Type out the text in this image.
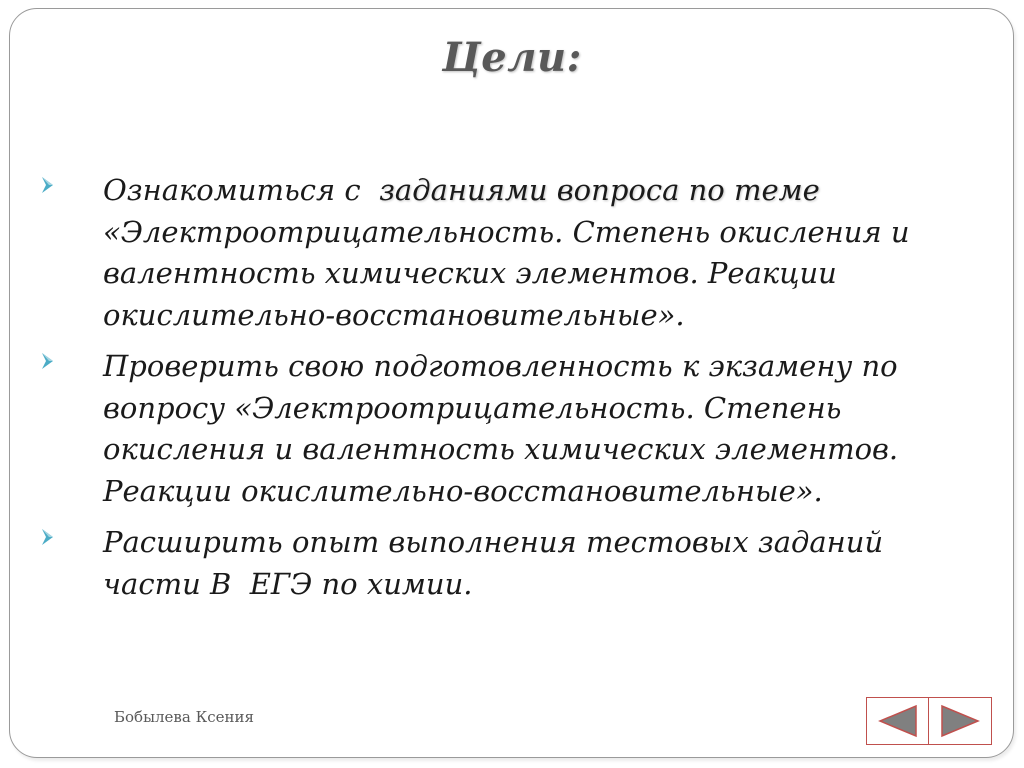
Цели:
Ознакомиться с  заданиями вопроса по теме
«Электроотрицательность. Степень окисления и валентность химических элементов. Реакции окислительно-восстановительные».
Проверить свою подготовленность к экзамену по вопросу «Электроотрицательность. Степень окисления и валентность химических элементов. Реакции окислительно-восстановительные».
Расширить опыт выполнения тестовых заданий части В  ЕГЭ по химии.
Бобылева Ксения
